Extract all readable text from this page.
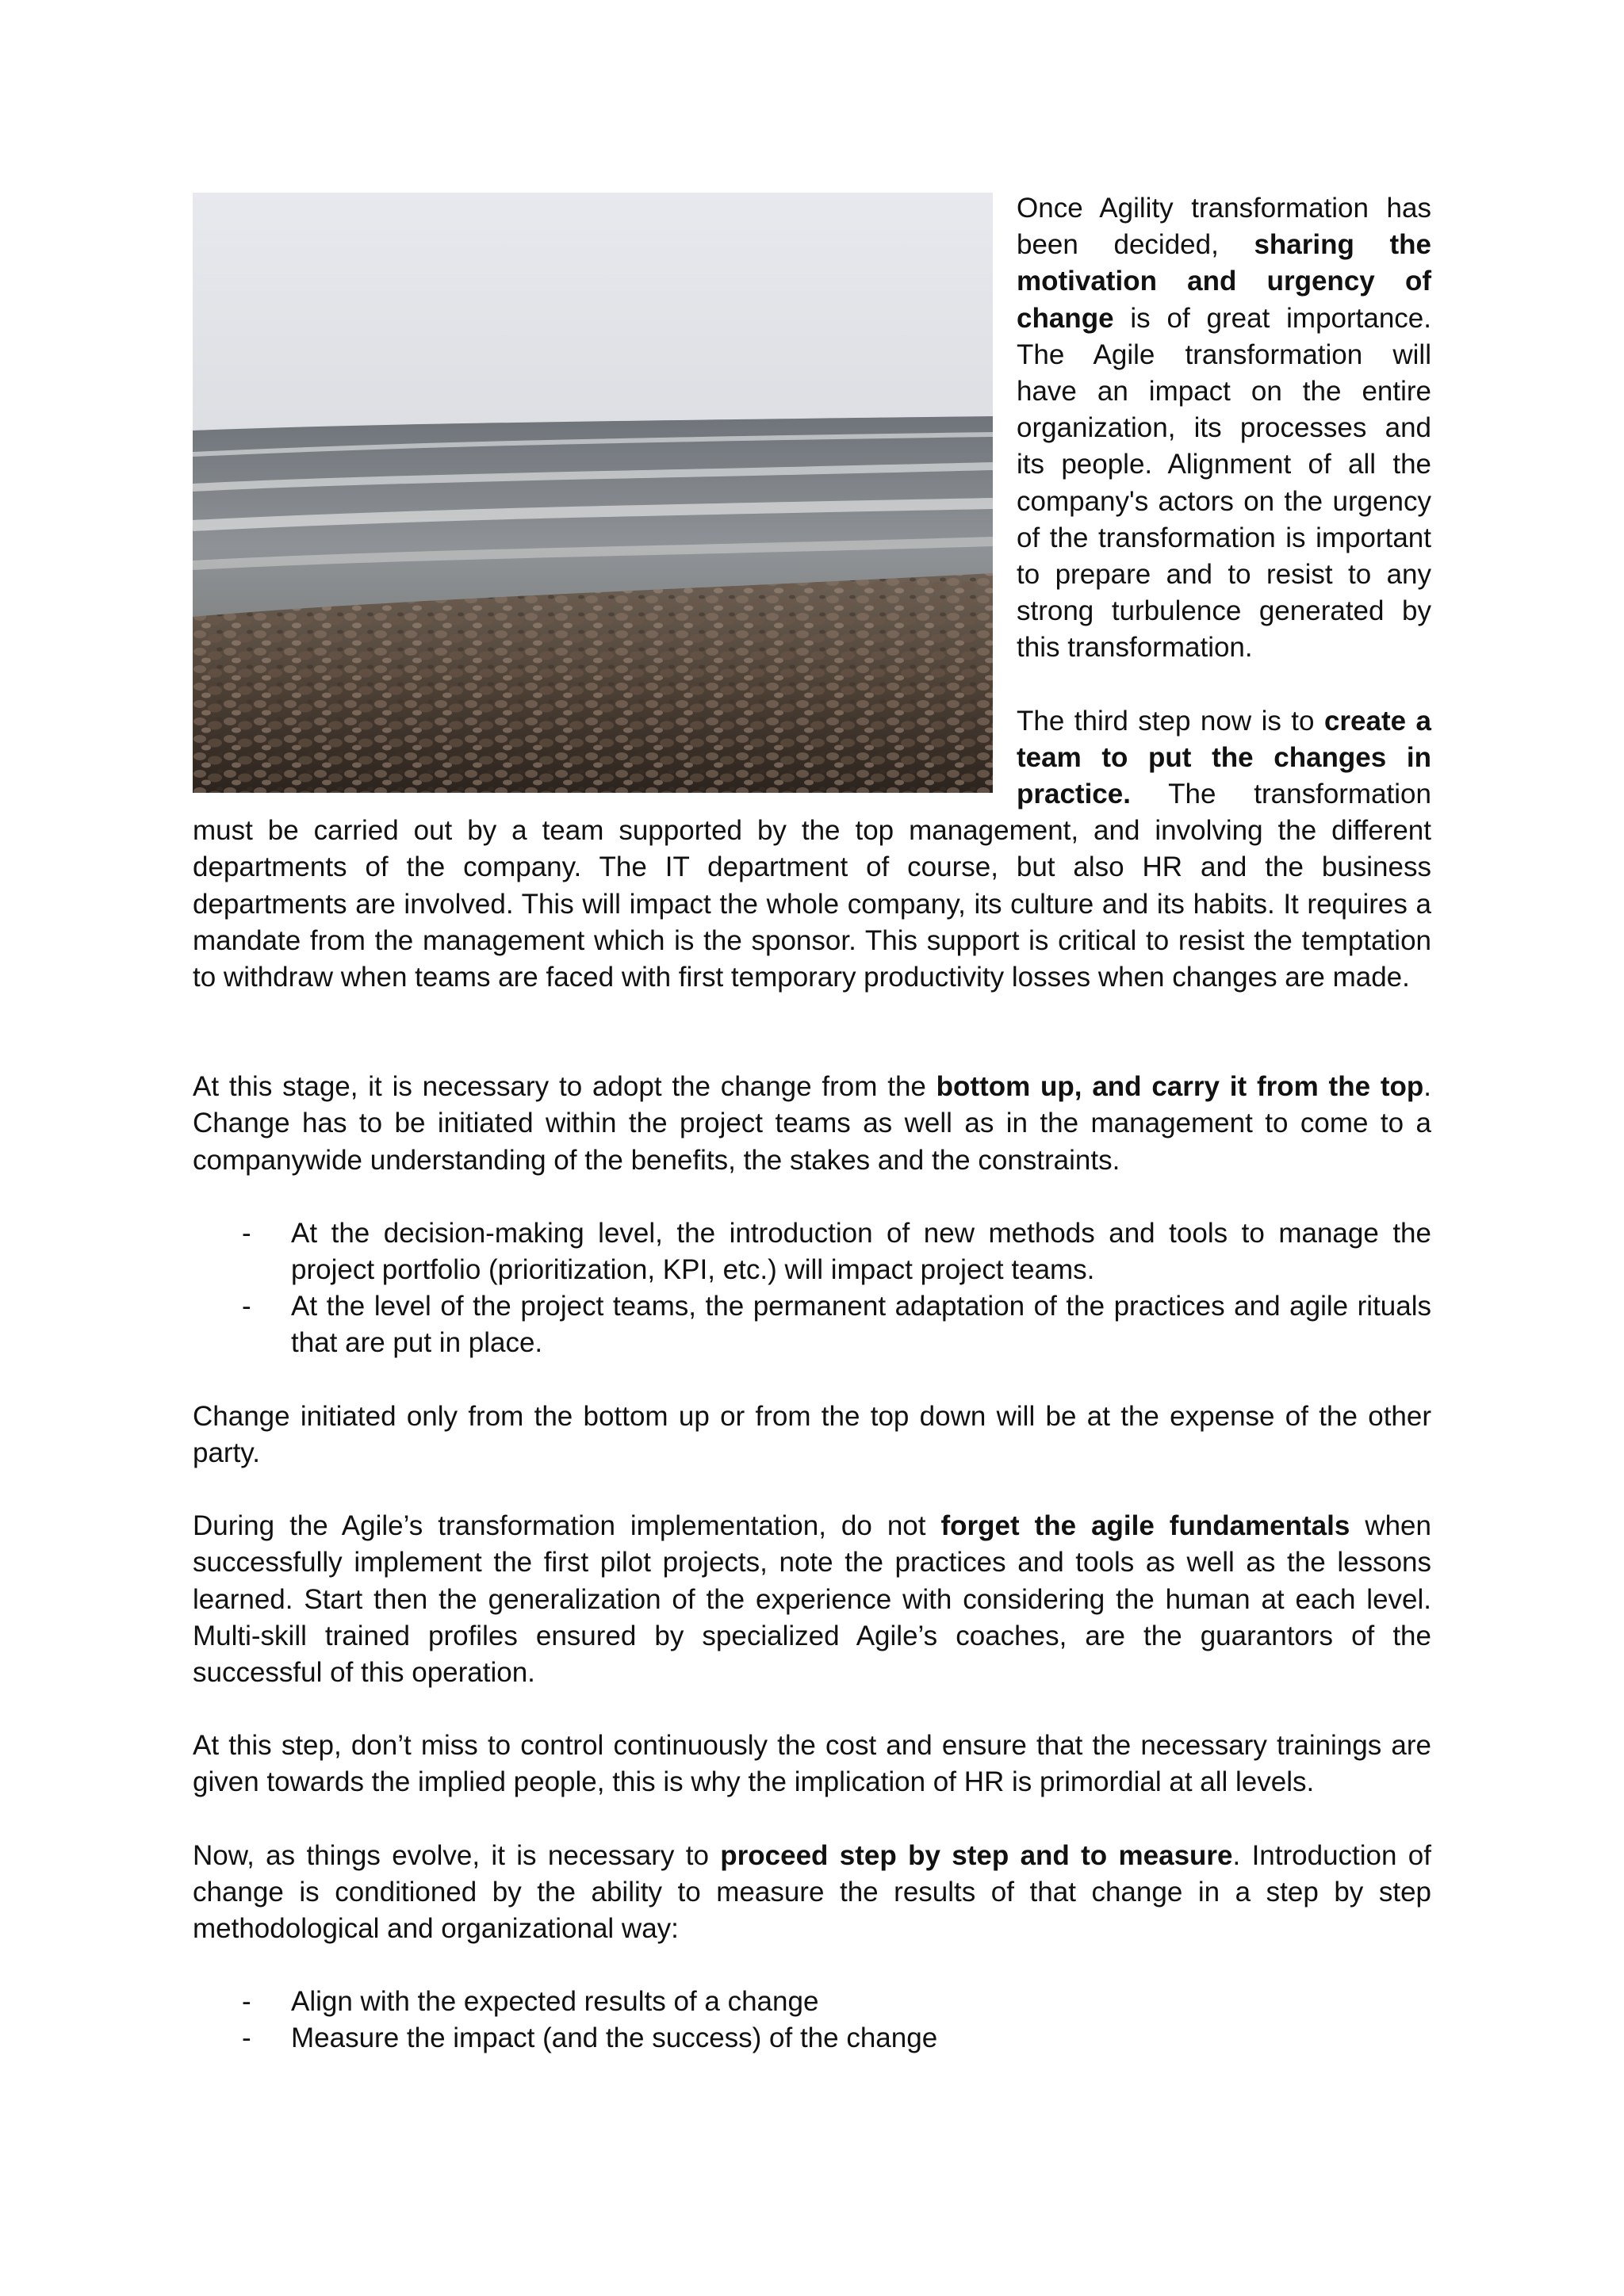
Once Agility transformation has been decided, sharing the motivation and urgency of change is of great importance. The Agile transformation will have an impact on the entire organization, its processes and its people. Alignment of all the company's actors on the urgency of the transformation is important to prepare and to resist to any strong turbulence generated by this transformation.

The third step now is to create a team to put the changes in practice. The transformation must be carried out by a team supported by the top management, and involving the different departments of the company. The IT department of course, but also HR and the business departments are involved. This will impact the whole company, its culture and its habits. It requires a mandate from the management which is the sponsor. This support is critical to resist the temptation to withdraw when teams are faced with first temporary productivity losses when changes are made.

At this stage, it is necessary to adopt the change from the bottom up, and carry it from the top. Change has to be initiated within the project teams as well as in the management to come to a companywide understanding of the benefits, the stakes and the constraints.

- At the decision-making level, the introduction of new methods and tools to manage the project portfolio (prioritization, KPI, etc.) will impact project teams.
- At the level of the project teams, the permanent adaptation of the practices and agile rituals that are put in place.

Change initiated only from the bottom up or from the top down will be at the expense of the other party.

During the Agile’s transformation implementation, do not forget the agile fundamentals when successfully implement the first pilot projects, note the practices and tools as well as the lessons learned. Start then the generalization of the experience with considering the human at each level. Multi-skill trained profiles ensured by specialized Agile’s coaches, are the guarantors of the successful of this operation.

At this step, don’t miss to control continuously the cost and ensure that the necessary trainings are given towards the implied people, this is why the implication of HR is primordial at all levels.

Now, as things evolve, it is necessary to proceed step by step and to measure. Introduction of change is conditioned by the ability to measure the results of that change in a step by step methodological and organizational way:

- Align with the expected results of a change
- Measure the impact (and the success) of the change
